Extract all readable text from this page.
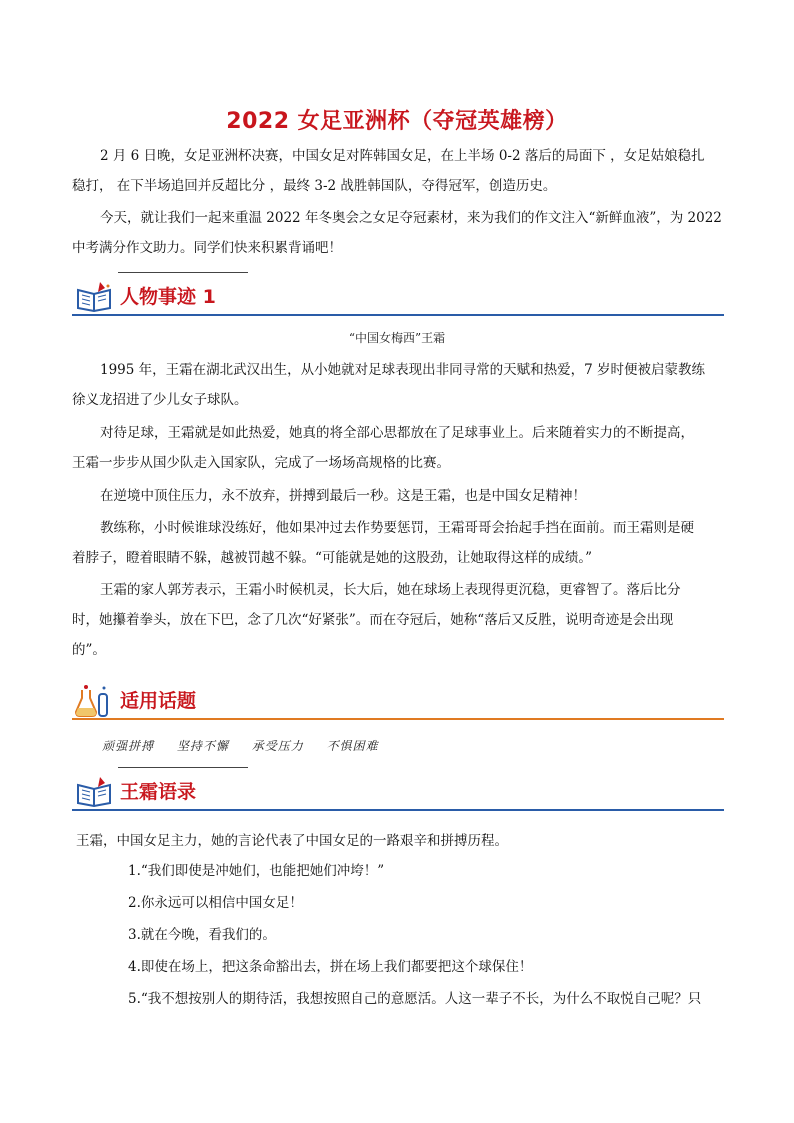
2022 女足亚洲杯（夺冠英雄榜）
2 月 6 日晚，女足亚洲杯决赛，中国女足对阵韩国女足，在上半场 0-2 落后的局面下 ，女足姑娘稳扎
稳打， 在下半场追回并反超比分 ，最终 3-2 战胜韩国队，夺得冠军，创造历史。
今天，就让我们一起来重温 2022 年冬奥会之女足夺冠素材，来为我们的作文注入“新鲜血液”，为 2022
中考满分作文助力。同学们快来积累背诵吧！
人物事迹 1
“中国女梅西”王霜
1995 年，王霜在湖北武汉出生，从小她就对足球表现出非同寻常的天赋和热爱，7 岁时便被启蒙教练
徐义龙招进了少儿女子球队。
对待足球，王霜就是如此热爱，她真的将全部心思都放在了足球事业上。后来随着实力的不断提高，
王霜一步步从国少队走入国家队，完成了一场场高规格的比赛。
在逆境中顶住压力，永不放弃，拼搏到最后一秒。这是王霜，也是中国女足精神！
教练称，小时候谁球没练好，他如果冲过去作势要惩罚，王霜哥哥会抬起手挡在面前。而王霜则是硬
着脖子，瞪着眼睛不躲，越被罚越不躲。“可能就是她的这股劲，让她取得这样的成绩。”
王霜的家人郭芳表示，王霜小时候机灵，长大后，她在球场上表现得更沉稳，更睿智了。落后比分
时，她攥着拳头，放在下巴，念了几次“好紧张”。而在夺冠后，她称“落后又反胜，说明奇迹是会出现
的”。
适用话题
顽强拼搏 坚持不懈 承受压力 不惧困难
王霜语录
王霜，中国女足主力，她的言论代表了中国女足的一路艰辛和拼搏历程。
1.“我们即使是冲她们，也能把她们冲垮！”
2.你永远可以相信中国女足！
3.就在今晚，看我们的。
4.即使在场上，把这条命豁出去，拼在场上我们都要把这个球保住！
5.“我不想按别人的期待活，我想按照自己的意愿活。人这一辈子不长，为什么不取悦自己呢？只
